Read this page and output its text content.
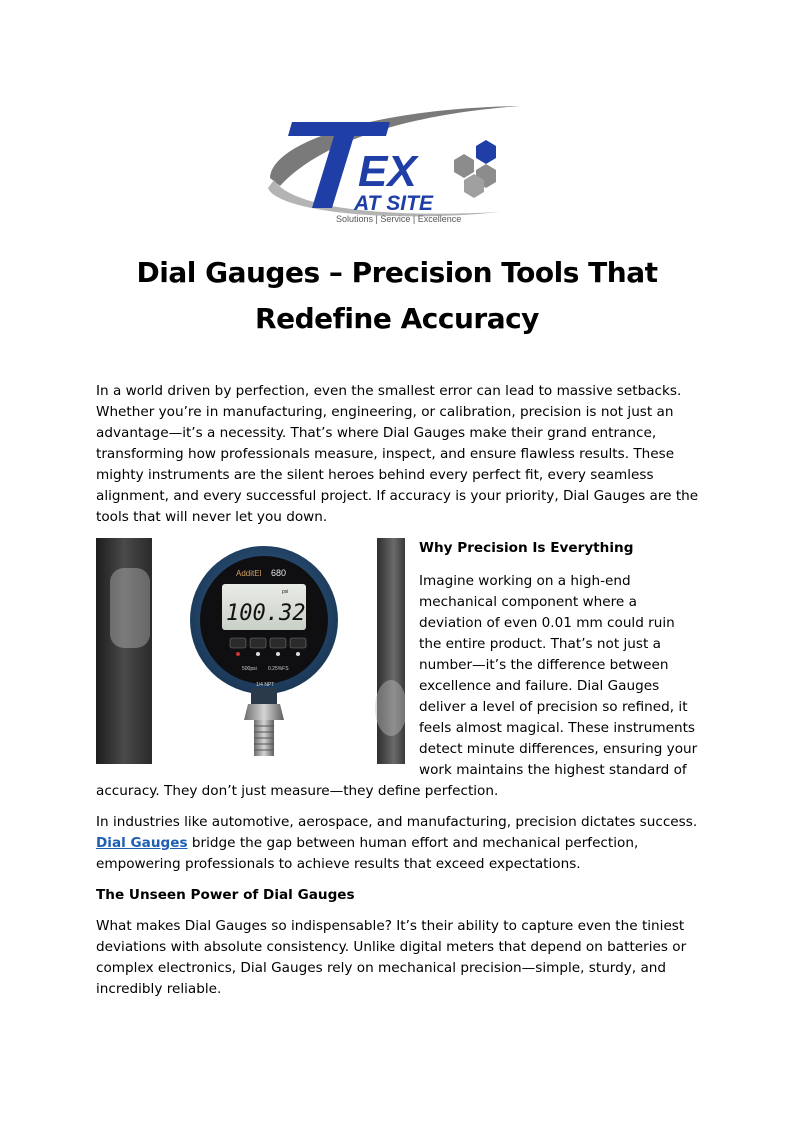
EX
AT SITE
Solutions | Service | Excellence
Dial Gauges – Precision Tools That
Redefine Accuracy

In a world driven by perfection, even the smallest error can lead to massive setbacks. Whether you’re in manufacturing, engineering, or calibration, precision is not just an advantage—it’s a necessity. That’s where Dial Gauges make their grand entrance, transforming how professionals measure, inspect, and ensure flawless results. These mighty instruments are the silent heroes behind every perfect fit, every seamless alignment, and every successful project. If accuracy is your priority, Dial Gauges are the tools that will never let you down.

AdditEl 680
psi
100.32
500psi 0.25%FS
1/4 NPT

Why Precision Is Everything

Imagine working on a high-end mechanical component where a deviation of even 0.01 mm could ruin the entire product. That’s not just a number—it’s the difference between excellence and failure. Dial Gauges deliver a level of precision so refined, it feels almost magical. These instruments detect minute differences, ensuring your work maintains the highest standard of accuracy. They don’t just measure—they define perfection.

In industries like automotive, aerospace, and manufacturing, precision dictates success. Dial Gauges bridge the gap between human effort and mechanical perfection, empowering professionals to achieve results that exceed expectations.

The Unseen Power of Dial Gauges

What makes Dial Gauges so indispensable? It’s their ability to capture even the tiniest deviations with absolute consistency. Unlike digital meters that depend on batteries or complex electronics, Dial Gauges rely on mechanical precision—simple, sturdy, and incredibly reliable.
